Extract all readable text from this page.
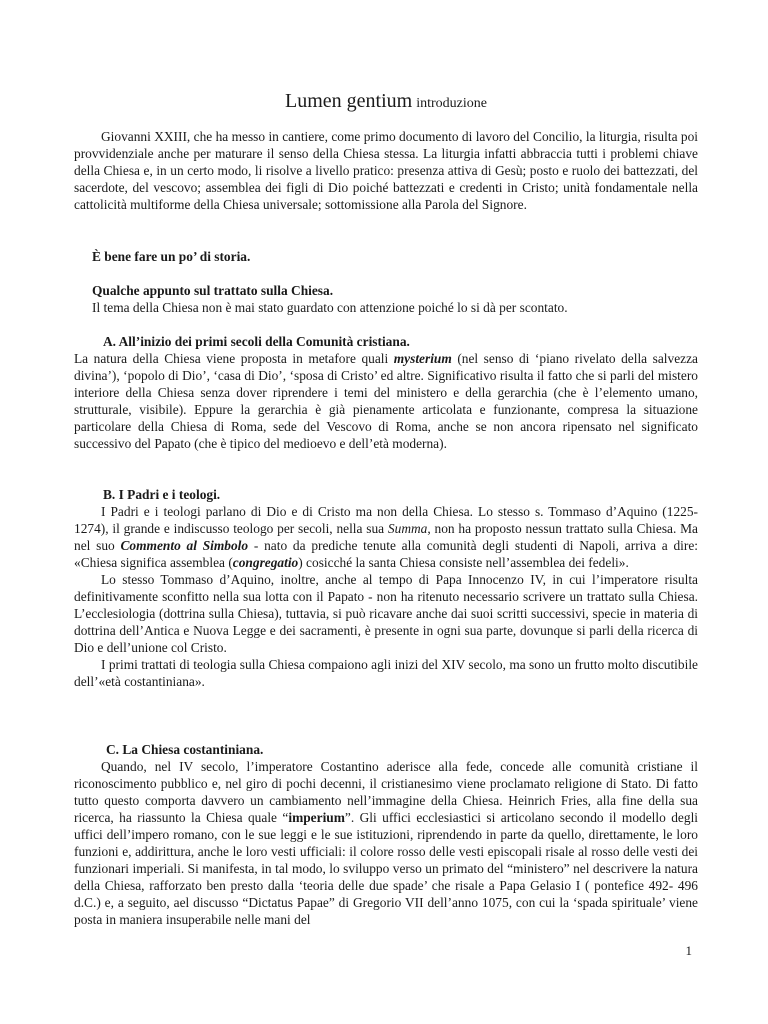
Lumen gentium introduzione

Giovanni XXIII, che ha messo in cantiere, come primo documento di lavoro del Concilio, la liturgia, risulta poi provvidenziale anche per maturare il senso della Chiesa stessa. La liturgia infatti abbraccia tutti i problemi chiave della Chiesa e, in un certo modo, li risolve a livello pratico: presenza attiva di Gesù; posto e ruolo dei battezzati, del sacerdote, del vescovo; assemblea dei figli di Dio poiché battezzati e credenti in Cristo; unità fondamentale nella cattolicità multiforme della Chiesa universale; sottomissione alla Parola del Signore.

È bene fare un po’ di storia.

Qualche appunto sul trattato sulla Chiesa.

Il tema della Chiesa non è mai stato guardato con attenzione poiché lo si dà per scontato.

A. All’inizio dei primi secoli della Comunità cristiana.

La natura della Chiesa viene proposta in metafore quali mysterium (nel senso di ‘piano rivelato della salvezza divina’), ‘popolo di Dio’, ‘casa di Dio’, ‘sposa di Cristo’ ed altre. Significativo risulta il fatto che si parli del mistero interiore della Chiesa senza dover riprendere i temi del ministero e della gerarchia (che è l’elemento umano, strutturale, visibile). Eppure la gerarchia è già pienamente articolata e funzionante, compresa la situazione particolare della Chiesa di Roma, sede del Vescovo di Roma, anche se non ancora ripensato nel significato successivo del Papato (che è tipico del medioevo e dell’età moderna).

B. I Padri e i teologi.

I Padri e i teologi parlano di Dio e di Cristo ma non della Chiesa. Lo stesso s. Tommaso d’Aquino (1225-1274), il grande e indiscusso teologo per secoli, nella sua Summa, non ha proposto nessun trattato sulla Chiesa. Ma nel suo Commento al Simbolo - nato da prediche tenute alla comunità degli studenti di Napoli, arriva a dire: «Chiesa significa assemblea (congregatio) cosicché la santa Chiesa consiste nell’assemblea dei fedeli».

Lo stesso Tommaso d’Aquino, inoltre, anche al tempo di Papa Innocenzo IV, in cui l’imperatore risulta definitivamente sconfitto nella sua lotta con il Papato - non ha ritenuto necessario scrivere un trattato sulla Chiesa. L’ecclesiologia (dottrina sulla Chiesa), tuttavia, si può ricavare anche dai suoi scritti successivi, specie in materia di dottrina dell’Antica e Nuova Legge e dei sacramenti, è presente in ogni sua parte, dovunque si parli della ricerca di Dio e dell’unione col Cristo.

I primi trattati di teologia sulla Chiesa compaiono agli inizi del XIV secolo, ma sono un frutto molto discutibile dell’«età costantiniana».

C. La Chiesa costantiniana.

Quando, nel IV secolo, l’imperatore Costantino aderisce alla fede, concede alle comunità cristiane il riconoscimento pubblico e, nel giro di pochi decenni, il cristianesimo viene proclamato religione di Stato. Di fatto tutto questo comporta davvero un cambiamento nell’immagine della Chiesa. Heinrich Fries, alla fine della sua ricerca, ha riassunto la Chiesa quale “imperium”. Gli uffici ecclesiastici si articolano secondo il modello degli uffici dell’impero romano, con le sue leggi e le sue istituzioni, riprendendo in parte da quello, direttamente, le loro funzioni e, addirittura, anche le loro vesti ufficiali: il colore rosso delle vesti episcopali risale al rosso delle vesti dei funzionari imperiali. Si manifesta, in tal modo, lo sviluppo verso un primato del “ministero” nel descrivere la natura della Chiesa, rafforzato ben presto dalla ‘teoria delle due spade’ che risale a Papa Gelasio I ( pontefice 492- 496 d.C.) e, a seguito, ael discusso “Dictatus Papae” di Gregorio VII dell’anno 1075, con cui la ‘spada spirituale’ viene posta in maniera insuperabile nelle mani del

1
